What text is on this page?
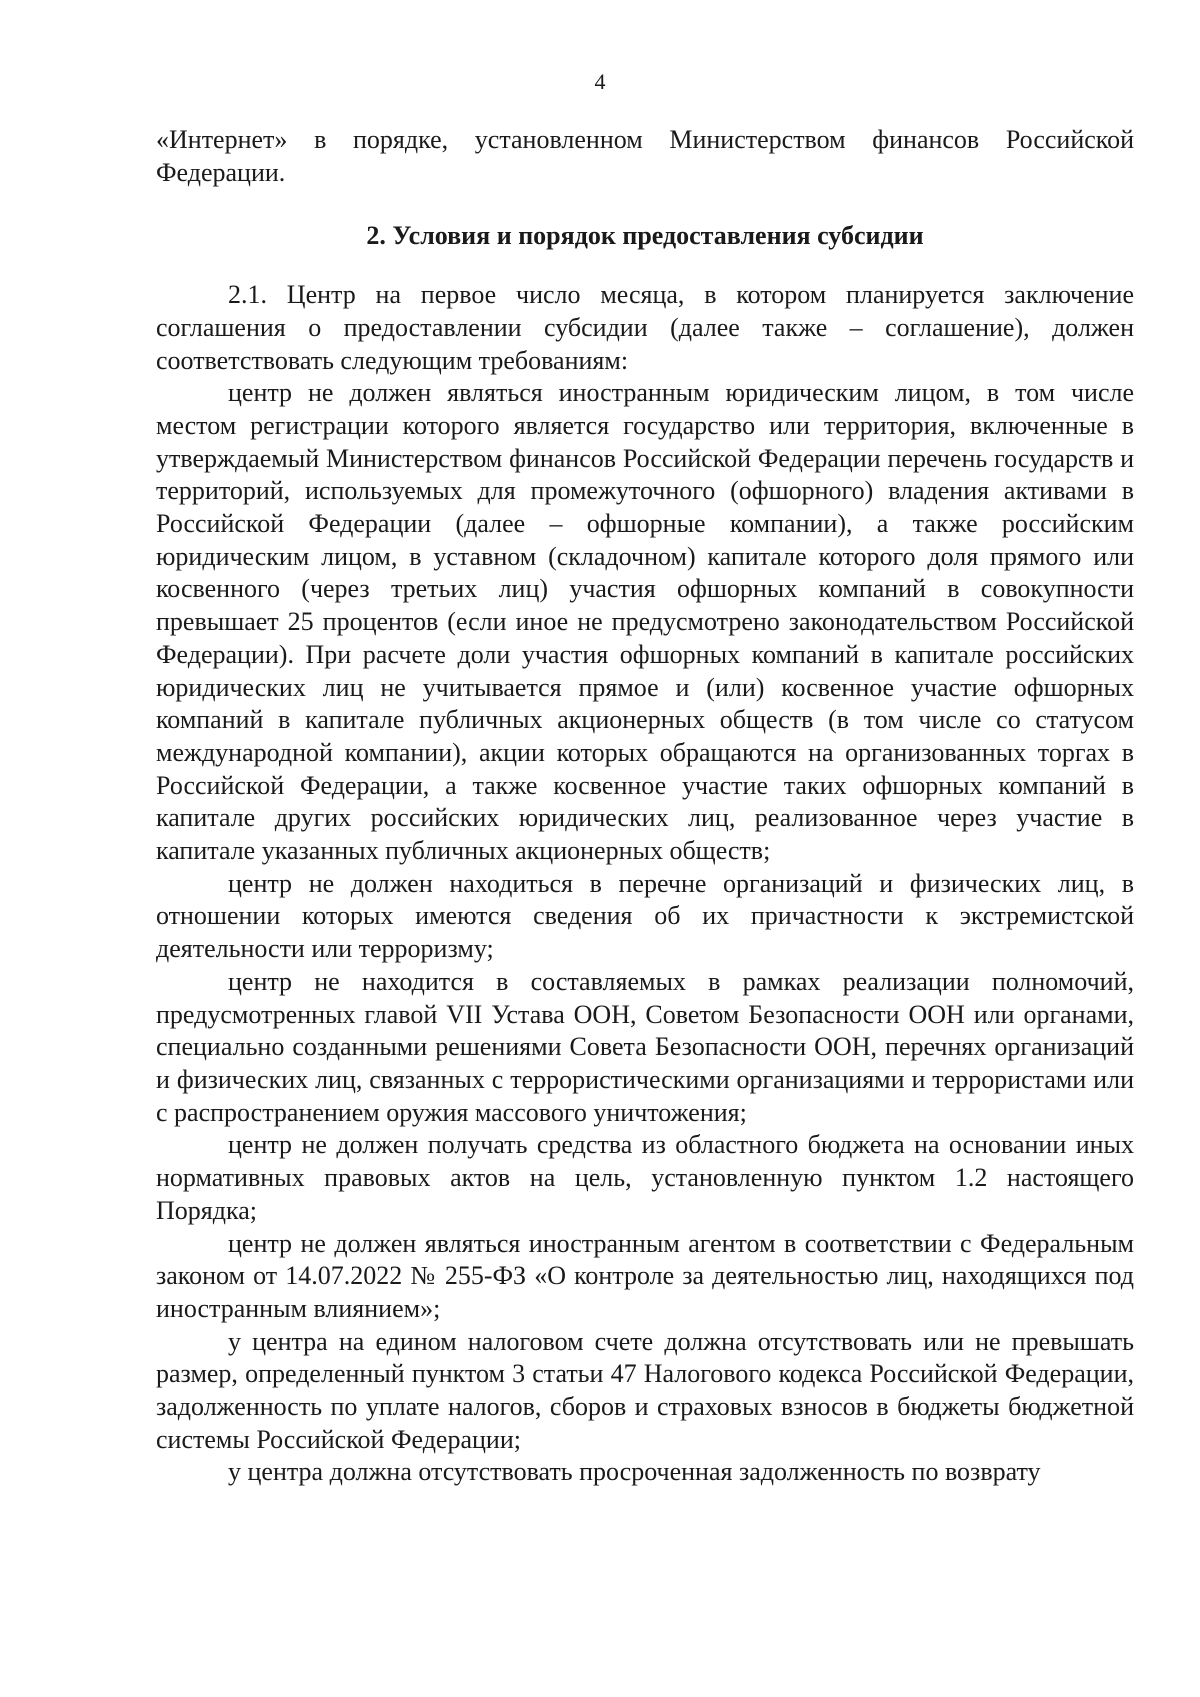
4

«Интернет» в порядке, установленном Министерством финансов Российской Федерации.

2. Условия и порядок предоставления субсидии

2.1. Центр на первое число месяца, в котором планируется заключение соглашения о предоставлении субсидии (далее также – соглашение), должен соответствовать следующим требованиям:

центр не должен являться иностранным юридическим лицом, в том числе местом регистрации которого является государство или территория, включенные в утверждаемый Министерством финансов Российской Федерации перечень государств и территорий, используемых для промежуточного (офшорного) владения активами в Российской Федерации (далее – офшорные компании), а также российским юридическим лицом, в уставном (складочном) капитале которого доля прямого или косвенного (через третьих лиц) участия офшорных компаний в совокупности превышает 25 процентов (если иное не предусмотрено законодательством Российской Федерации). При расчете доли участия офшорных компаний в капитале российских юридических лиц не учитывается прямое и (или) косвенное участие офшорных компаний в капитале публичных акционерных обществ (в том числе со статусом международной компании), акции которых обращаются на организованных торгах в Российской Федерации, а также косвенное участие таких офшорных компаний в капитале других российских юридических лиц, реализованное через участие в капитале указанных публичных акционерных обществ;

центр не должен находиться в перечне организаций и физических лиц, в отношении которых имеются сведения об их причастности к экстремистской деятельности или терроризму;

центр не находится в составляемых в рамках реализации полномочий, предусмотренных главой VII Устава ООН, Советом Безопасности ООН или органами, специально созданными решениями Совета Безопасности ООН, перечнях организаций и физических лиц, связанных с террористическими организациями и террористами или с распространением оружия массового уничтожения;

центр не должен получать средства из областного бюджета на основании иных нормативных правовых актов на цель, установленную пунктом 1.2 настоящего Порядка;

центр не должен являться иностранным агентом в соответствии с Федеральным законом от 14.07.2022 № 255-ФЗ «О контроле за деятельностью лиц, находящихся под иностранным влиянием»;

у центра на едином налоговом счете должна отсутствовать или не превышать размер, определенный пунктом 3 статьи 47 Налогового кодекса Российской Федерации, задолженность по уплате налогов, сборов и страховых взносов в бюджеты бюджетной системы Российской Федерации;

у центра должна отсутствовать просроченная задолженность по возврату
